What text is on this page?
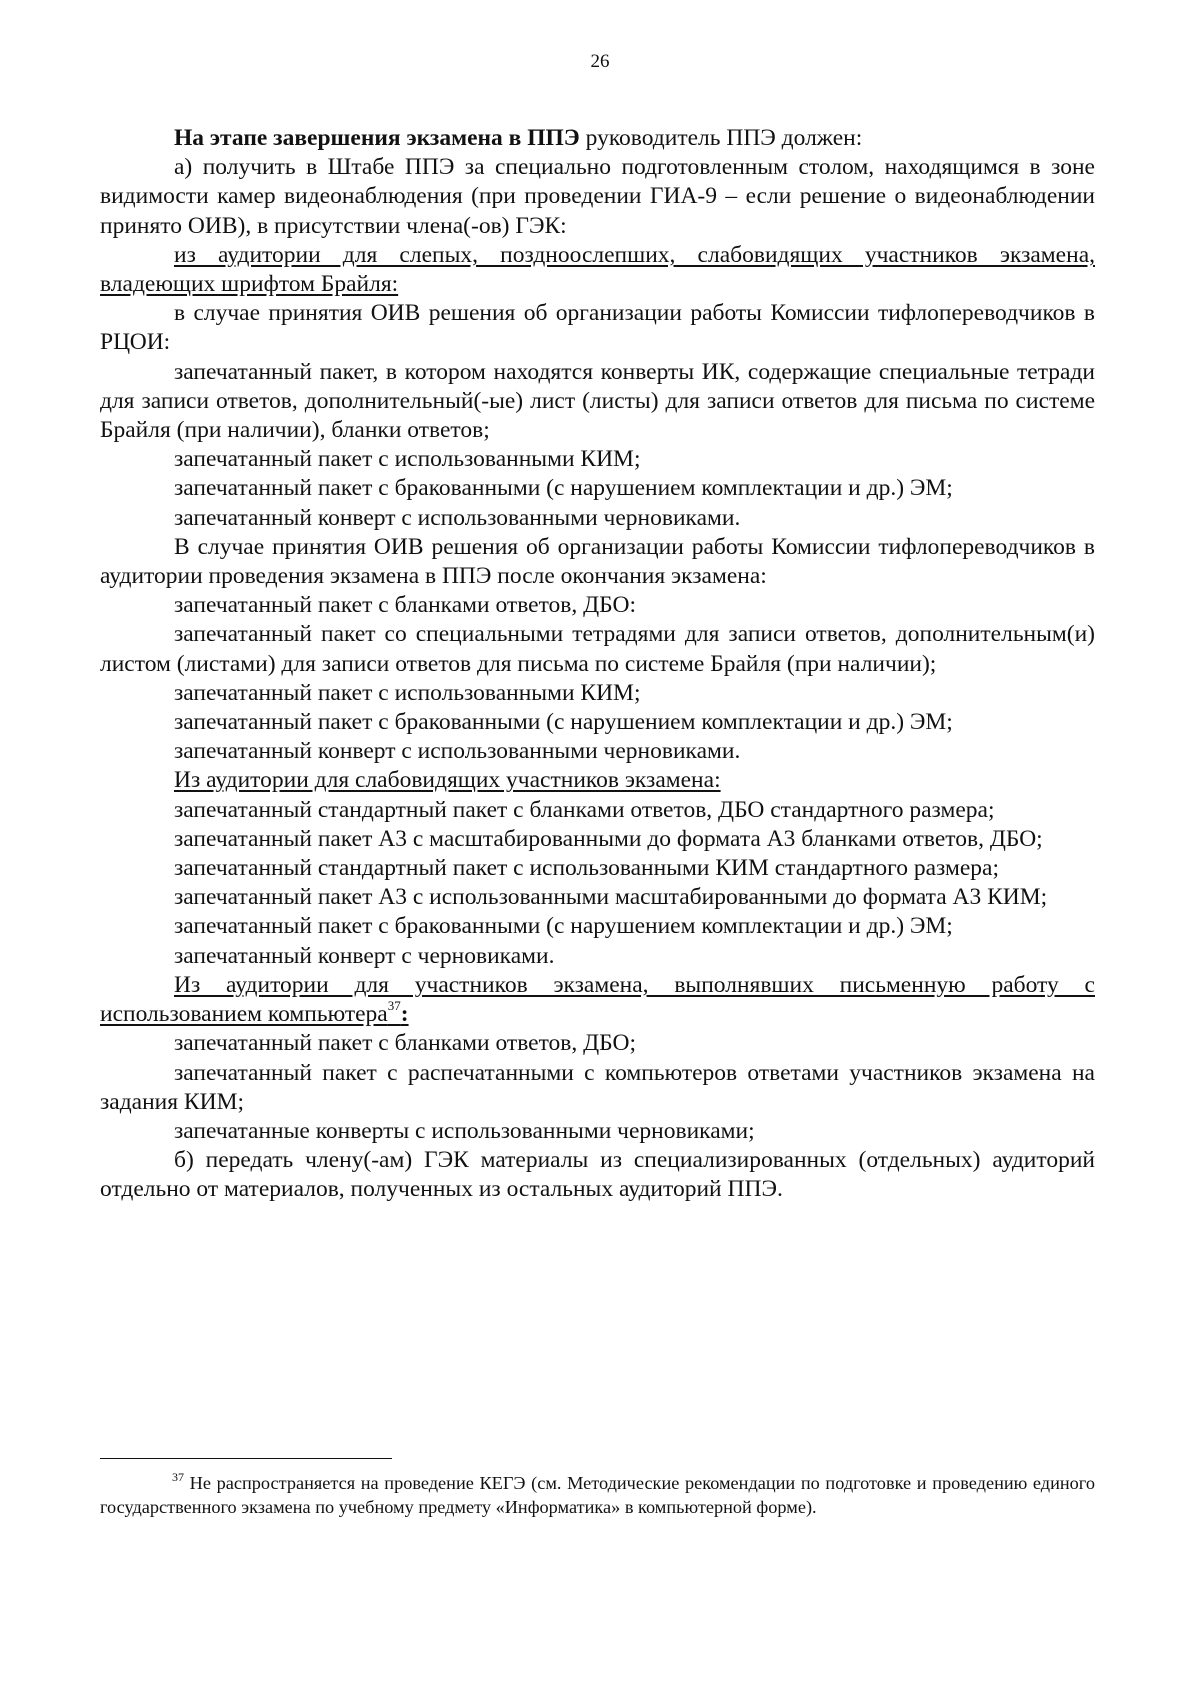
26

На этапе завершения экзамена в ППЭ руководитель ППЭ должен:

а) получить в Штабе ППЭ за специально подготовленным столом, находящимся в зоне видимости камер видеонаблюдения (при проведении ГИА-9 – если решение о видеонаблюдении принято ОИВ), в присутствии члена(-ов) ГЭК:

из аудитории для слепых, поздноослепших, слабовидящих участников экзамена, владеющих шрифтом Брайля:

в случае принятия ОИВ решения об организации работы Комиссии тифлопереводчиков в РЦОИ:

запечатанный пакет, в котором находятся конверты ИК, содержащие специальные тетради для записи ответов, дополнительный(-ые) лист (листы) для записи ответов для письма по системе Брайля (при наличии), бланки ответов;

запечатанный пакет с использованными КИМ;

запечатанный пакет с бракованными (с нарушением комплектации и др.) ЭМ;

запечатанный конверт с использованными черновиками.

В случае принятия ОИВ решения об организации работы Комиссии тифлопереводчиков в аудитории проведения экзамена в ППЭ после окончания экзамена:

запечатанный пакет с бланками ответов, ДБО:

запечатанный пакет со специальными тетрадями для записи ответов, дополнительным(и) листом (листами) для записи ответов для письма по системе Брайля (при наличии);

запечатанный пакет с использованными КИМ;

запечатанный пакет с бракованными (с нарушением комплектации и др.) ЭМ;

запечатанный конверт с использованными черновиками.

Из аудитории для слабовидящих участников экзамена:

запечатанный стандартный пакет с бланками ответов, ДБО стандартного размера;

запечатанный пакет А3 с масштабированными до формата А3 бланками ответов, ДБО;

запечатанный стандартный пакет с использованными КИМ стандартного размера;

запечатанный пакет А3 с использованными масштабированными до формата А3 КИМ;

запечатанный пакет с бракованными (с нарушением комплектации и др.) ЭМ;

запечатанный конверт с черновиками.

Из аудитории для участников экзамена, выполнявших письменную работу с использованием компьютера$^{37}$:

запечатанный пакет с бланками ответов, ДБО;

запечатанный пакет с распечатанными с компьютеров ответами участников экзамена на задания КИМ;

запечатанные конверты с использованными черновиками;

б) передать члену(-ам) ГЭК материалы из специализированных (отдельных) аудиторий отдельно от материалов, полученных из остальных аудиторий ППЭ.

$^{37}$ Не распространяется на проведение КЕГЭ (см. Методические рекомендации по подготовке и проведению единого государственного экзамена по учебному предмету «Информатика» в компьютерной форме).
